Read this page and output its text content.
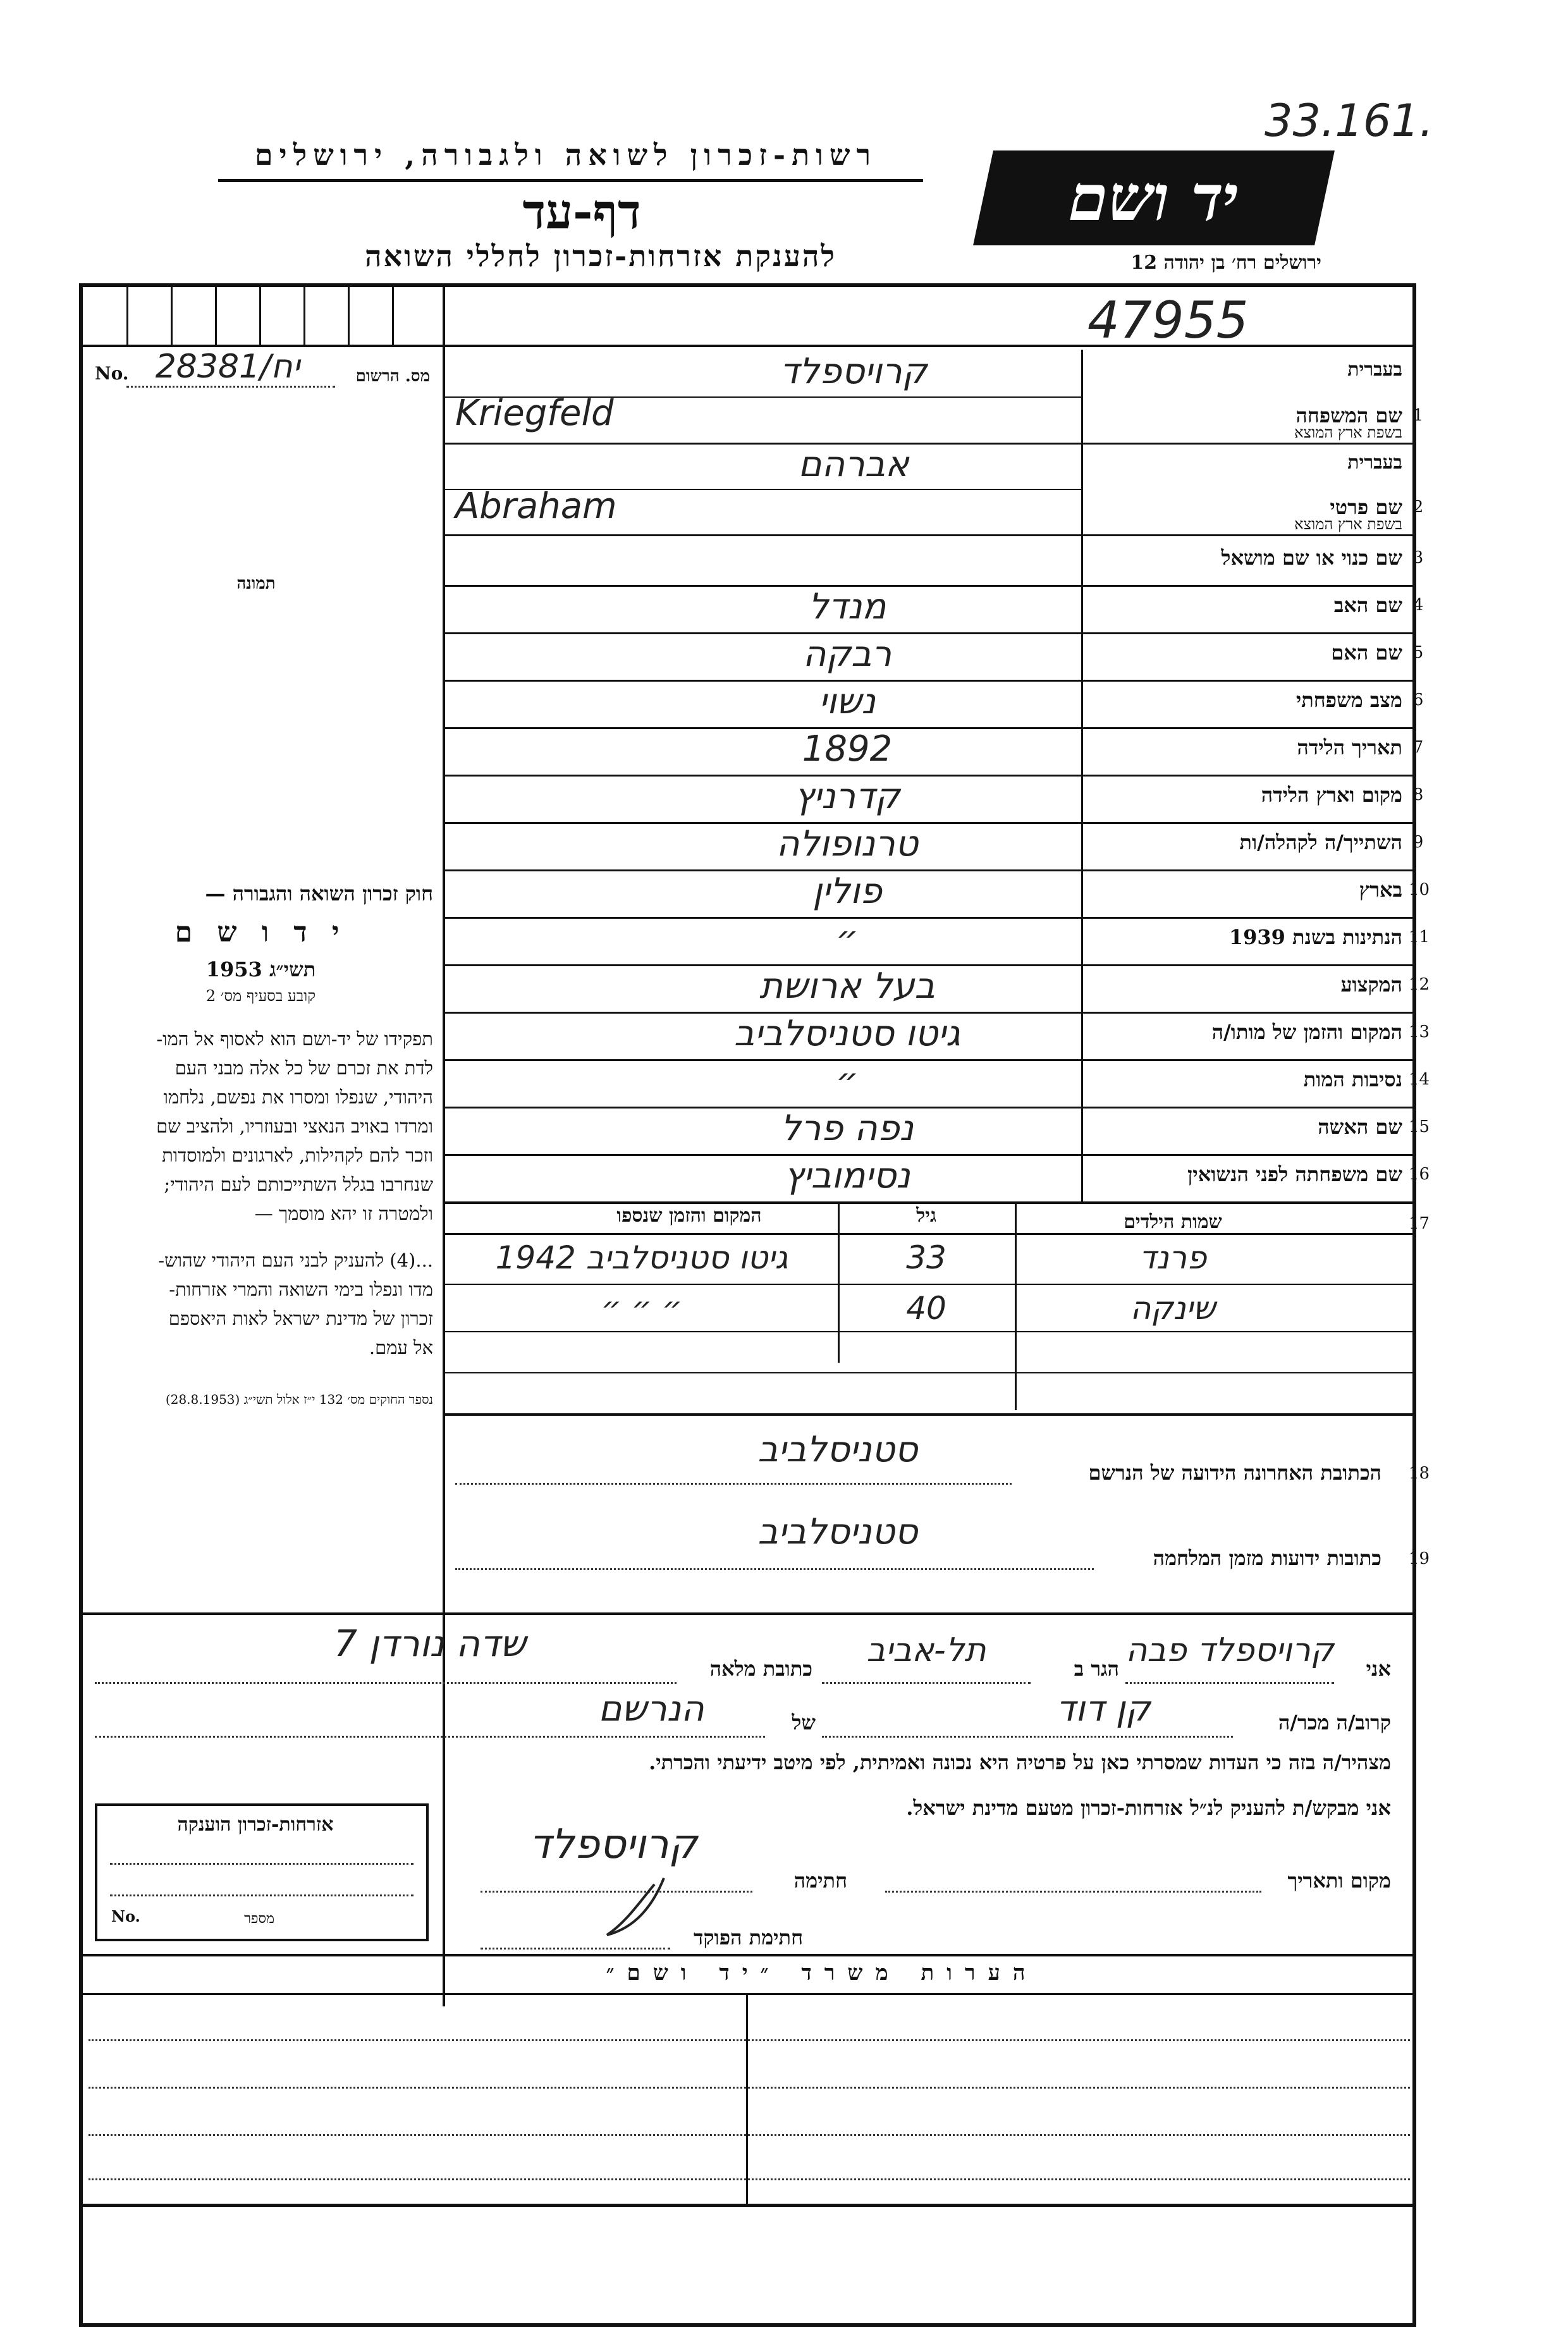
33.161.
רשות-זכרון לשואה ולגבורה, ירושלים
דף-עד
להענקת אזרחות-זכרון לחללי השואה
יד ושם
ירושלים רח׳ בן יהודה 12
47955
No. 28381/יח	מס. הרשום
תמונה
חוק זכרון השואה והגבורה —
י ד ו ש ם
תשי״ג 1953
קובע בסעיף מס׳ 2
תפקידו של יד-ושם הוא לאסוף אל המו-
לדת את זכרם של כל אלה מבני העם
היהודי, שנפלו ומסרו את נפשם, נלחמו
ומרדו באויב הנאצי ובעוזריו, ולהציב שם
וזכר להם לקהילות, לארגונים ולמוסדות
שנחרבו בגלל השתייכותם לעם היהודי;
ולמטרה זו יהא מוסמך —
...(4) להעניק לבני העם היהודי שהוש-
מדו ונפלו בימי השואה והמרי אזרחות-
זכרון של מדינת ישראל לאות היאספם
אל עמם.
נספר החוקים מס׳ 132 י״ז אלול תשי״ג (28.8.1953)
1
שם המשפחה
בעברית
בשפת ארץ המוצא
קרויספלד
Kriegfeld
2
שם פרטי
בעברית
בשפת ארץ המוצא
אברהם
Abraham
3
שם כנוי או שם מושאל
4
שם האב
מנדל
5
שם האם
רבקה
6
מצב משפחתי
נשוי
7
תאריך הלידה
1892
8
מקום וארץ הלידה
קדרניץ
9
השתייך/ה לקהלה/ות
טרנופולה
10
בארץ
פולין
11
הנתינות בשנת 1939
״
12
המקצוע
בעל ארושת
13
המקום והזמן של מותו/ה
גיטו סטניסלביב
14
נסיבות המות
״
15
שם האשה
נפה פרל
16
שם משפחתה לפני הנשואין
נסימוביץ
המקום והזמן שנספו	גיל	שמות הילדים	17
גיטו סטניסלביב 1942	33	פרנד
״ ״ ״	40	שינקה
סטניסלביב
הכתובת האחרונה הידועה של הנרשם 18
סטניסלביב
כתובות ידועות מזמן המלחמה 19
אני
קרויספלד פבה
הגר ב
תל-אביב
כתובת מלאה
שדה נורדן 7
קרוב/ה מכר/ה
קן דוד
של
הנרשם
מצהיר/ה בזה כי העדות שמסרתי כאן על פרטיה היא נכונה ואמיתית, לפי מיטב ידיעתי והכרתי.
אני מבקש/ת להעניק לנ״ל אזרחות-זכרון מטעם מדינת ישראל.
מקום ותאריך
חתימה
קרויספלד
חתימת הפוקד
אזרחות-זכרון הוענקה
No.	מספר
הערות משרד ״יד ושם״
